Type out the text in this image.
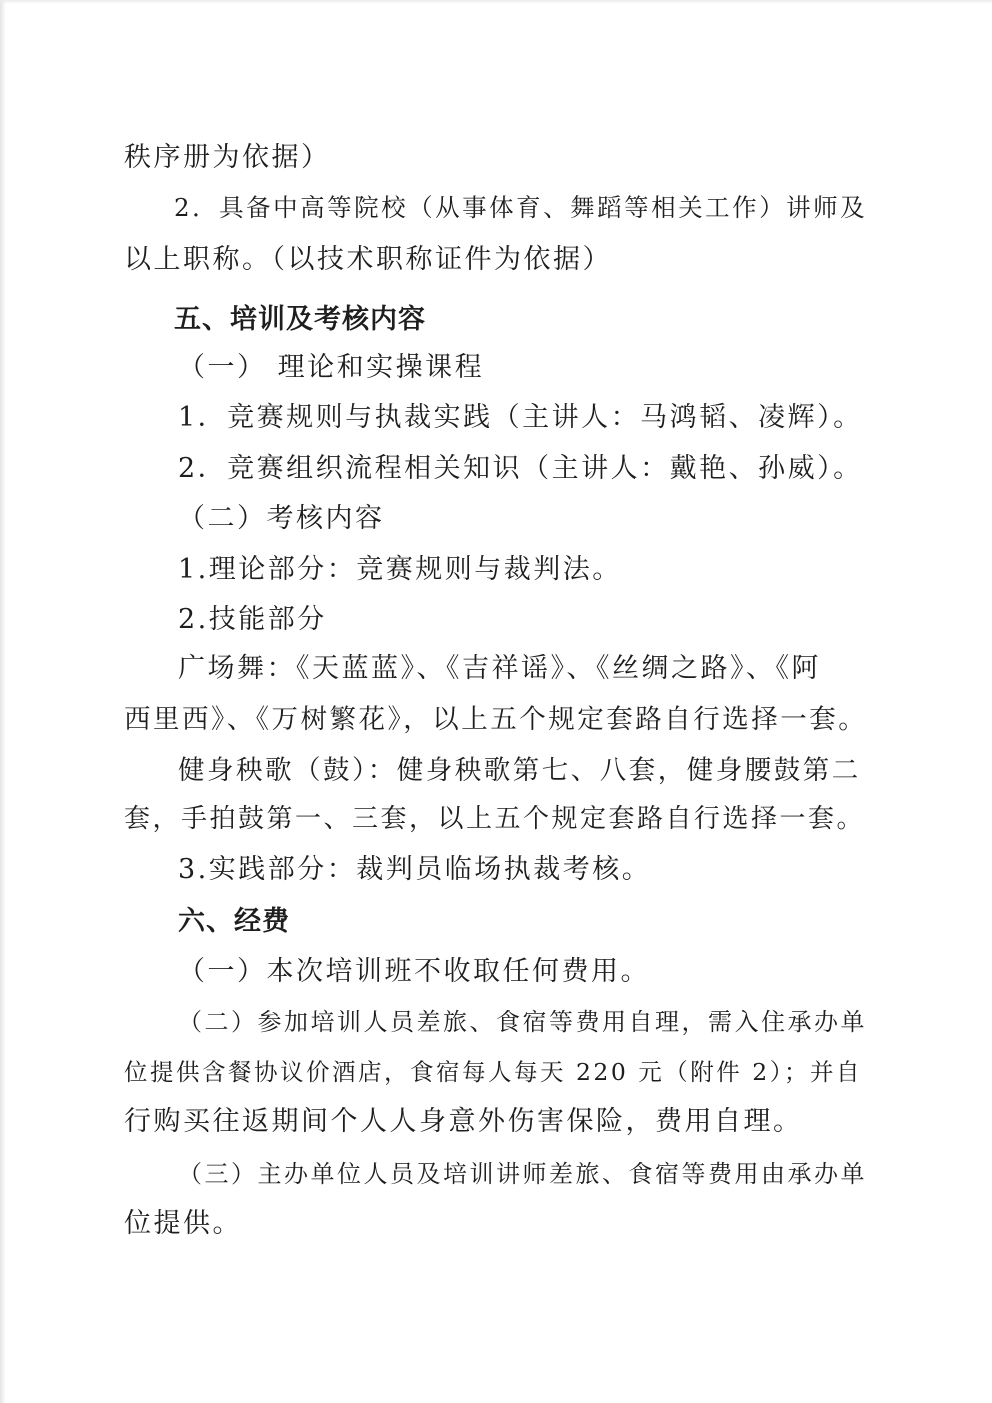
秩序册为依据）
2．具备中高等院校（从事体育、舞蹈等相关工作）讲师及
以上职称。（以技术职称证件为依据）
五、培训及考核内容
（一） 理论和实操课程
1．竞赛规则与执裁实践（主讲人：马鸿韬、凌辉）。
2．竞赛组织流程相关知识（主讲人：戴艳、孙威）。
（二）考核内容
1.理论部分：竞赛规则与裁判法。
2.技能部分
广场舞：《天蓝蓝》、《吉祥谣》、《丝绸之路》、《阿
西里西》、《万树繁花》，以上五个规定套路自行选择一套。
健身秧歌（鼓）：健身秧歌第七、八套，健身腰鼓第二
套，手拍鼓第一、三套，以上五个规定套路自行选择一套。
3.实践部分：裁判员临场执裁考核。
六、经费
（一）本次培训班不收取任何费用。
（二）参加培训人员差旅、食宿等费用自理，需入住承办单
位提供含餐协议价酒店，食宿每人每天 220 元（附件 2）；并自
行购买往返期间个人人身意外伤害保险，费用自理。
（三）主办单位人员及培训讲师差旅、食宿等费用由承办单
位提供。
